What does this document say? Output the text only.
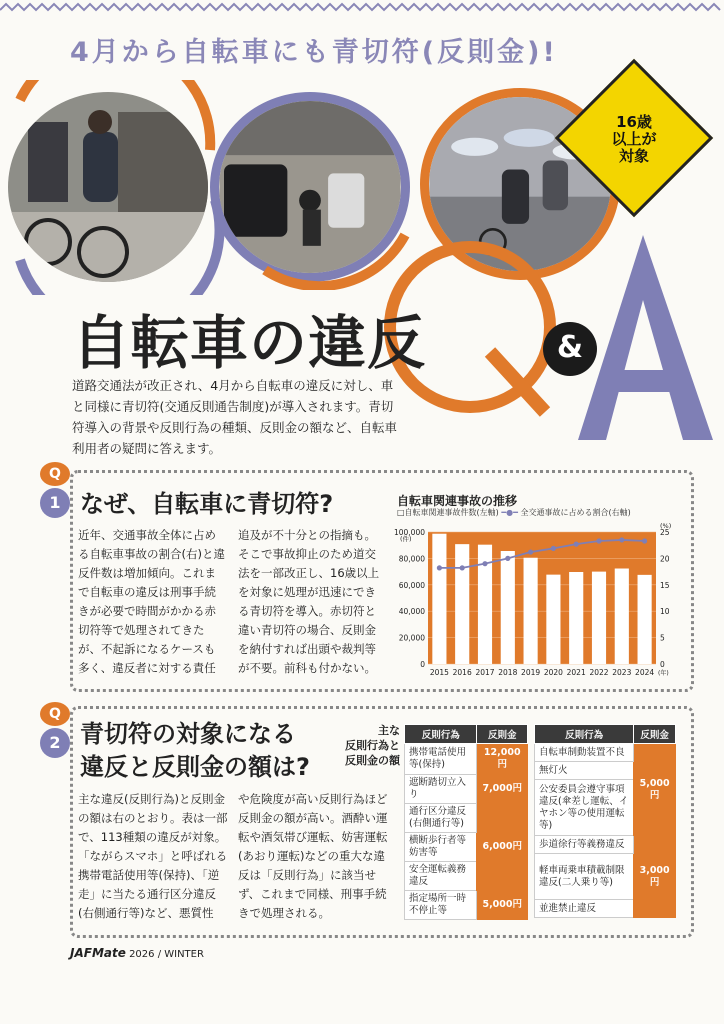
4月から自転車にも青切符(反則金)!
16歳
以上が
対象
自転車の違反	&
道路交通法が改正され、4月から自転車の違反に対し、車と同様に青切符(交通反則通告制度)が導入されます。青切符導入の背景や反則行為の種類、反則金の額など、自転車利用者の疑問に答えます。
Q
1 なぜ、自転車に青切符?
近年、交通事故全体に占める自転車事故の割合(右)と違反件数は増加傾向。これまで自転車の違反は刑事手続きが必要で時間がかかる赤切符等で処理されてきたが、不起訴になるケースも多く、違反者に対する責任
追及が不十分との指摘も。そこで事故抑止のため道交法を一部改正し、16歳以上を対象に処理が迅速にできる青切符を導入。赤切符と違い青切符の場合、反則金を納付すれば出頭や裁判等が不要。前科も付かない。
自転車関連事故の推移
□自転車関連事故件数(左軸) ━●━ 全交通事故に占める割合(右軸)
100,000
80,000
60,000
40,000
20,000
0
25
20
15
10
5
0
(件)
(%)
2015 2016 2017 2018 2019 2020 2021 2022 2023 2024 (年)
Q
2 青切符の対象になる
違反と反則金の額は?
主な
反則行為と
反則金の額
主な違反(反則行為)と反則金の額は右のとおり。表は一部で、113種類の違反が対象。「ながらスマホ」と呼ばれる携帯電話使用等(保持)、「逆走」に当たる通行区分違反(右側通行等)など、悪質性
や危険度が高い反則行為ほど反則金の額が高い。酒酔い運転や酒気帯び運転、妨害運転(あおり運転)などの重大な違反は「反則行為」に該当せず、これまで同様、刑事手続きで処理される。
反則行為	反則金
携帯電話使用等(保持)	12,000円
遮断踏切立入り	7,000円
通行区分違反(右側通行等)	6,000円
横断歩行者等妨害等	
安全運転義務違反	
指定場所一時不停止等	5,000円
反則行為	反則金
自転車制動装置不良	5,000円
無灯火	
公安委員会遵守事項違反(傘差し運転、イヤホン等の使用運転等)	
歩道徐行等義務違反	3,000円
軽車両乗車積載制限違反(二人乗り等)	
並進禁止違反	
JAFMate 2026 / WINTER
